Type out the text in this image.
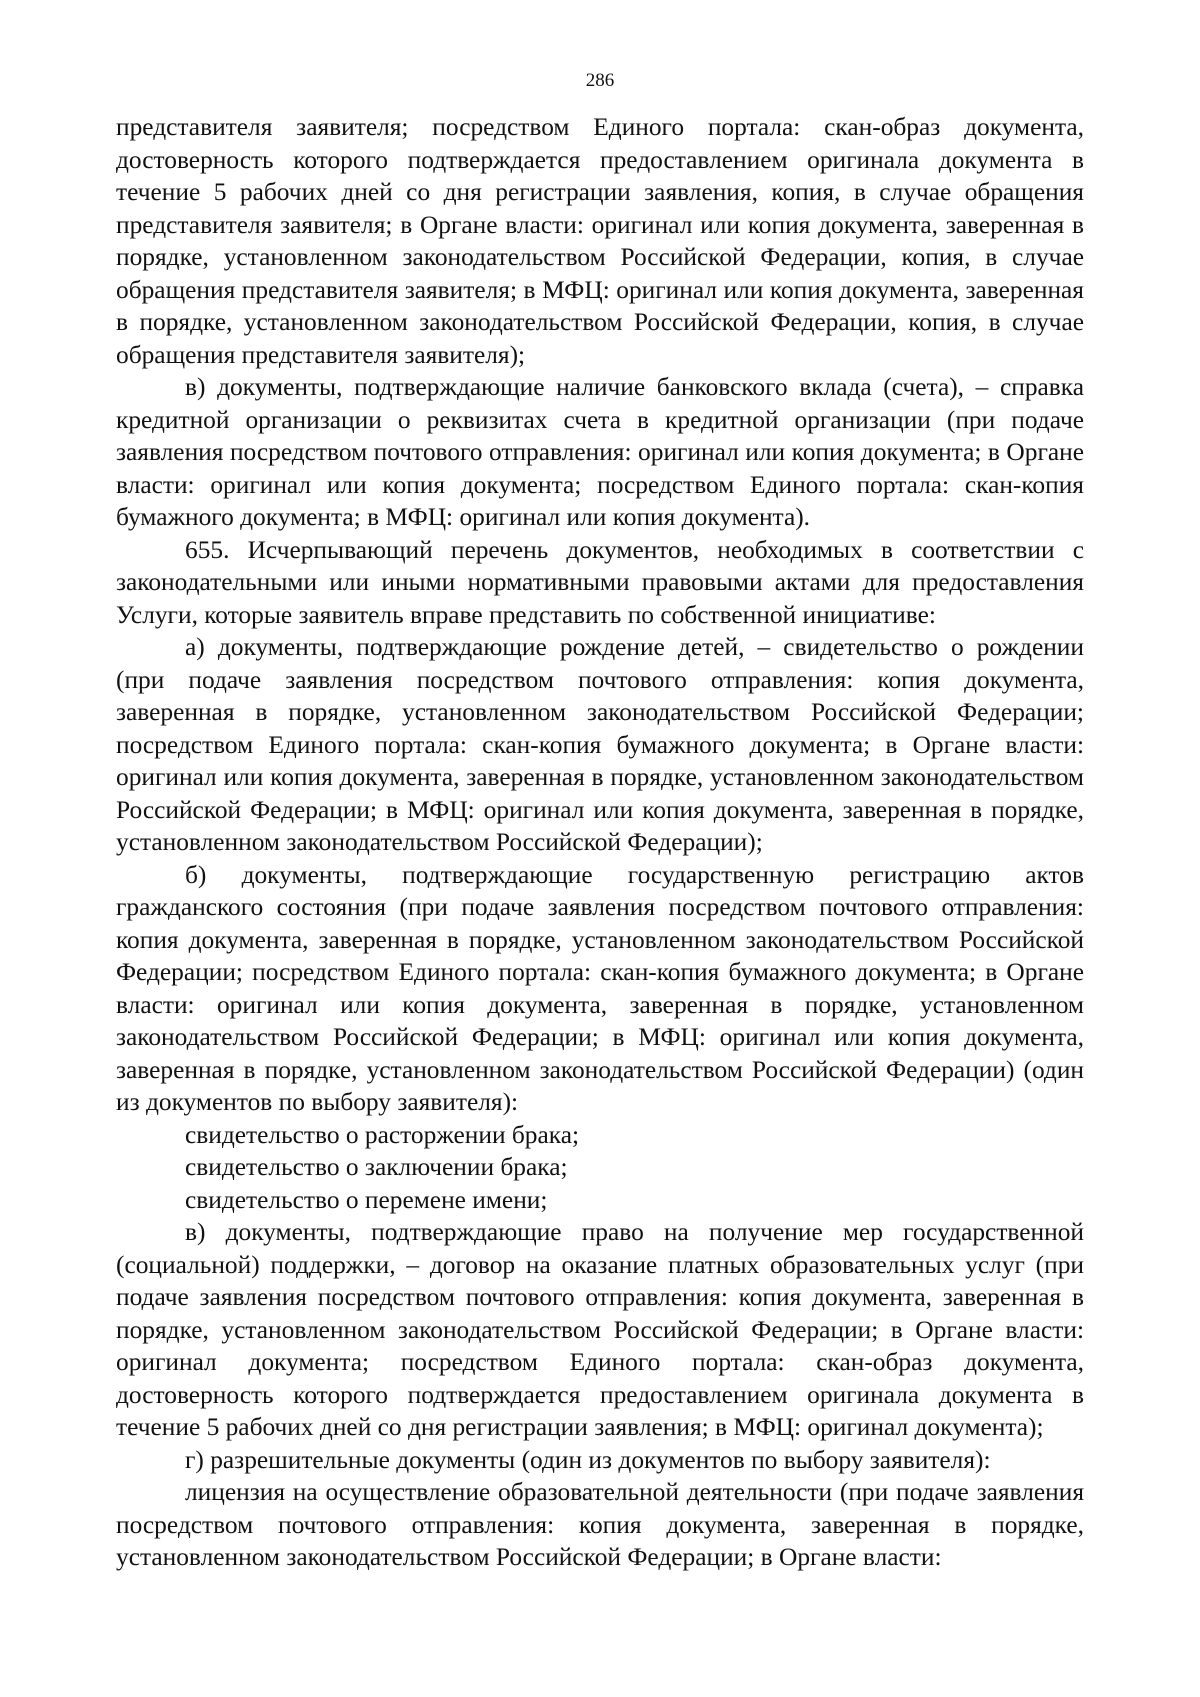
286

представителя заявителя; посредством Единого портала: скан-образ документа, достоверность которого подтверждается предоставлением оригинала документа в течение 5 рабочих дней со дня регистрации заявления, копия, в случае обращения представителя заявителя; в Органе власти: оригинал или копия документа, заверенная в порядке, установленном законодательством Российской Федерации, копия, в случае обращения представителя заявителя; в МФЦ: оригинал или копия документа, заверенная в порядке, установленном законодательством Российской Федерации, копия, в случае обращения представителя заявителя);

в) документы, подтверждающие наличие банковского вклада (счета), – справка кредитной организации о реквизитах счета в кредитной организации (при подаче заявления посредством почтового отправления: оригинал или копия документа; в Органе власти: оригинал или копия документа; посредством Единого портала: скан-копия бумажного документа; в МФЦ: оригинал или копия документа).

655. Исчерпывающий перечень документов, необходимых в соответствии с законодательными или иными нормативными правовыми актами для предоставления Услуги, которые заявитель вправе представить по собственной инициативе:

а) документы, подтверждающие рождение детей, – свидетельство о рождении (при подаче заявления посредством почтового отправления: копия документа, заверенная в порядке, установленном законодательством Российской Федерации; посредством Единого портала: скан-копия бумажного документа; в Органе власти: оригинал или копия документа, заверенная в порядке, установленном законодательством Российской Федерации; в МФЦ: оригинал или копия документа, заверенная в порядке, установленном законодательством Российской Федерации);

б) документы, подтверждающие государственную регистрацию актов гражданского состояния (при подаче заявления посредством почтового отправления: копия документа, заверенная в порядке, установленном законодательством Российской Федерации; посредством Единого портала: скан-копия бумажного документа; в Органе власти: оригинал или копия документа, заверенная в порядке, установленном законодательством Российской Федерации; в МФЦ: оригинал или копия документа, заверенная в порядке, установленном законодательством Российской Федерации) (один из документов по выбору заявителя):

свидетельство о расторжении брака;

свидетельство о заключении брака;

свидетельство о перемене имени;

в) документы, подтверждающие право на получение мер государственной (социальной) поддержки, – договор на оказание платных образовательных услуг (при подаче заявления посредством почтового отправления: копия документа, заверенная в порядке, установленном законодательством Российской Федерации; в Органе власти: оригинал документа; посредством Единого портала: скан-образ документа, достоверность которого подтверждается предоставлением оригинала документа в течение 5 рабочих дней со дня регистрации заявления; в МФЦ: оригинал документа);

г) разрешительные документы (один из документов по выбору заявителя):

лицензия на осуществление образовательной деятельности (при подаче заявления посредством почтового отправления: копия документа, заверенная в порядке, установленном законодательством Российской Федерации; в Органе власти:
